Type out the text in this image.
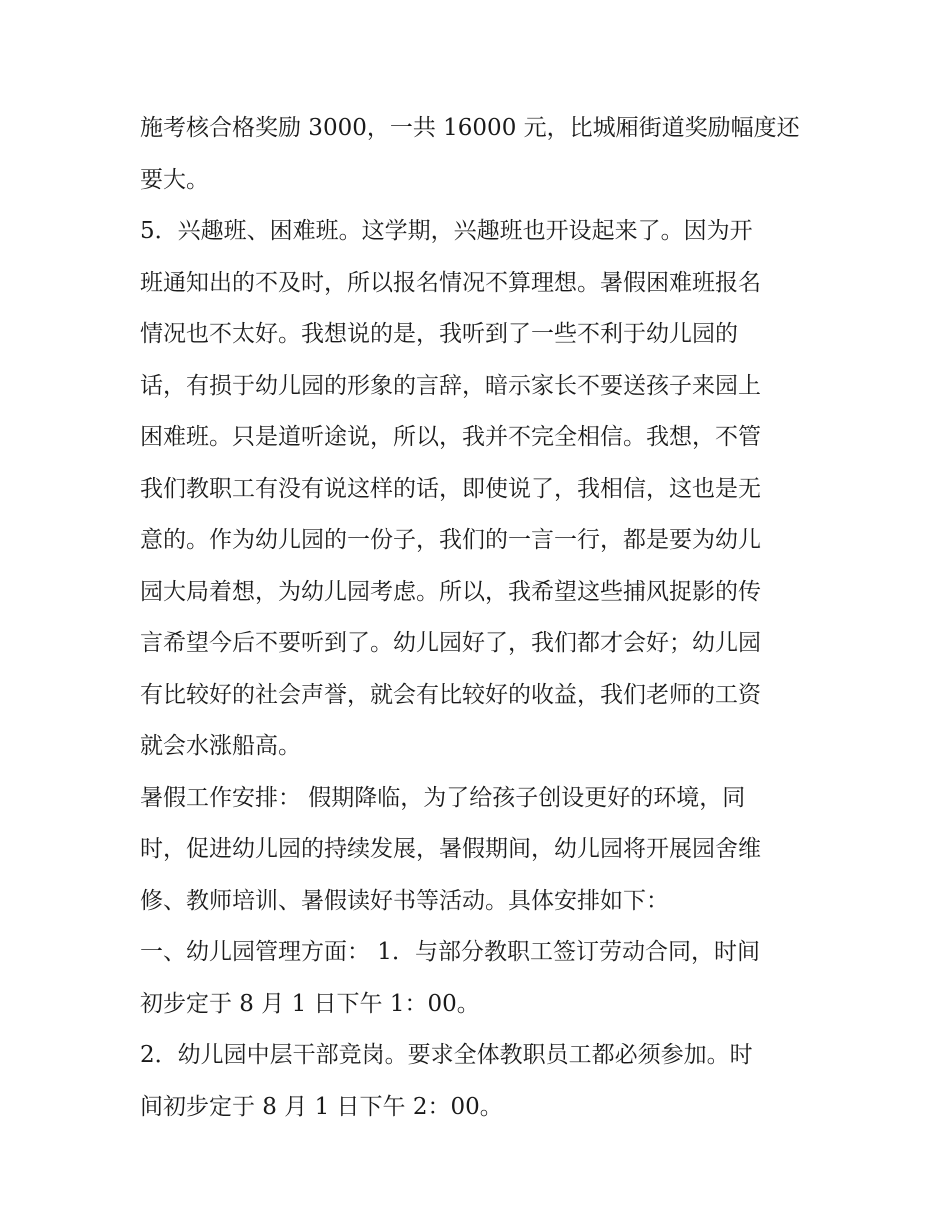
施考核合格奖励 3000，一共 16000 元，比城厢街道奖励幅度还
要大。
5．兴趣班、困难班。这学期，兴趣班也开设起来了。因为开
班通知出的不及时，所以报名情况不算理想。暑假困难班报名
情况也不太好。我想说的是，我听到了一些不利于幼儿园的
话，有损于幼儿园的形象的言辞，暗示家长不要送孩子来园上
困难班。只是道听途说，所以，我并不完全相信。我想，不管
我们教职工有没有说这样的话，即使说了，我相信，这也是无
意的。作为幼儿园的一份子，我们的一言一行，都是要为幼儿
园大局着想，为幼儿园考虑。所以，我希望这些捕风捉影的传
言希望今后不要听到了。幼儿园好了，我们都才会好；幼儿园
有比较好的社会声誉，就会有比较好的收益，我们老师的工资
就会水涨船高。
暑假工作安排： 假期降临，为了给孩子创设更好的环境，同
时，促进幼儿园的持续发展，暑假期间，幼儿园将开展园舍维
修、教师培训、暑假读好书等活动。具体安排如下：
一、幼儿园管理方面： 1．与部分教职工签订劳动合同，时间
初步定于 8 月 1 日下午 1：00。
2．幼儿园中层干部竞岗。要求全体教职员工都必须参加。时
间初步定于 8 月 1 日下午 2：00。
